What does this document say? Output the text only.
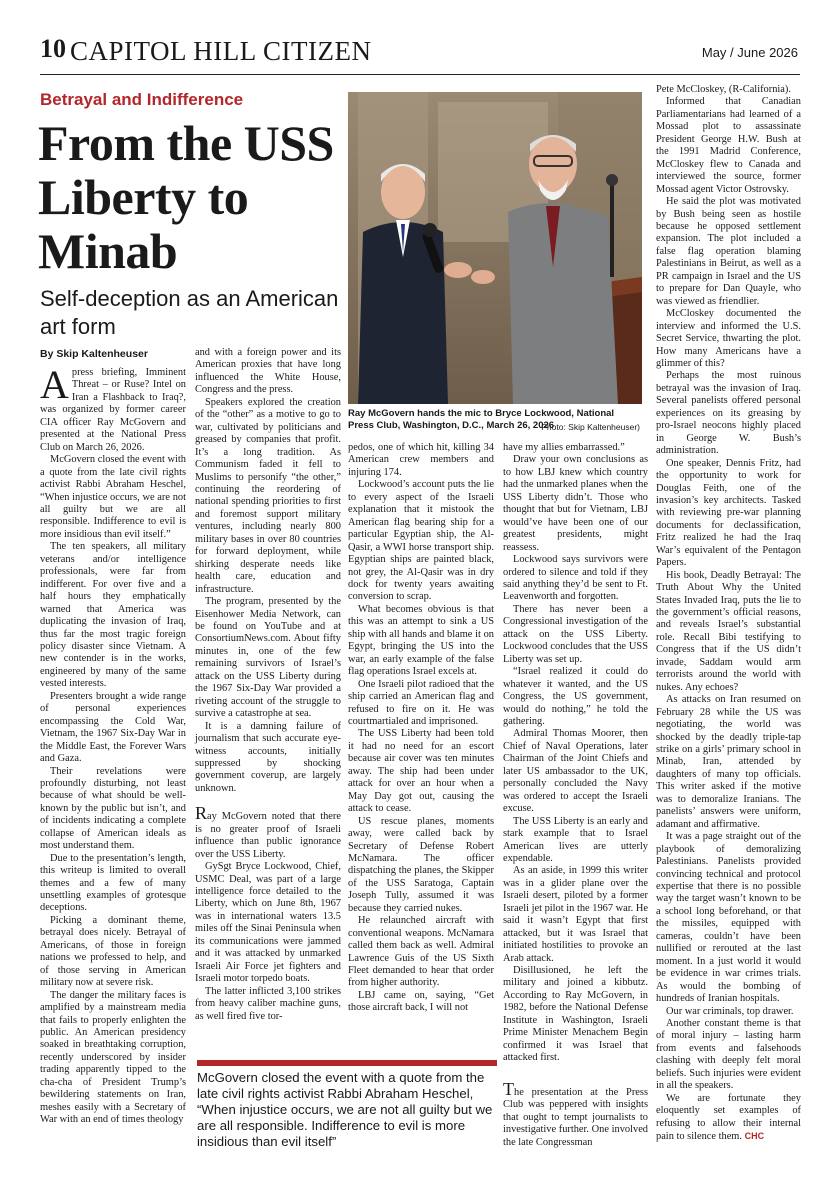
10 CAPITOL HILL CITIZEN	May / June 2026
Betrayal and Indifference
From the USS Liberty to Minab
Self-deception as an American art form
By Skip Kaltenheuser
Ray McGovern hands the mic to Bryce Lockwood, National Press Club, Washington, D.C., March 26, 2026
Photo: Skip Kaltenheuser)

Apress briefing, Imminent Threat – or Ruse? Intel on Iran a Flashback to Iraq?, was organized by former career CIA officer Ray McGovern and presented at the National Press Club on March 26, 2026.

McGovern closed the event with a quote from the late civil rights activist Rabbi Abraham Heschel, “When injustice occurs, we are not all guilty but we are all responsible. Indifference to evil is more insidious than evil itself.”

The ten speakers, all military veterans and/or intelligence professionals, were far from indifferent. For over five and a half hours they emphatically warned that America was duplicating the invasion of Iraq, thus far the most tragic foreign policy disaster since Vietnam. A new contender is in the works, engineered by many of the same vested interests.

Presenters brought a wide range of personal experiences encompassing the Cold War, Vietnam, the 1967 Six-Day War in the Middle East, the Forever Wars and Gaza.

Their revelations were profoundly disturbing, not least because of what should be well-known by the public but isn’t, and of incidents indicating a complete collapse of American ideals as most understand them.

Due to the presentation’s length, this writeup is limited to overall themes and a few of many unsettling examples of grotesque deceptions.

Picking a dominant theme, betrayal does nicely. Betrayal of Americans, of those in foreign nations we professed to help, and of those serving in American military now at severe risk.

The danger the military faces is amplified by a mainstream media that fails to properly enlighten the public. An American presidency soaked in breathtaking corruption, recently underscored by insider trading apparently tipped to the cha-cha of President Trump’s bewildering statements on Iran, meshes easily with a Secretary of War with an end of times theology

and with a foreign power and its American proxies that have long influenced the White House, Congress and the press.

Speakers explored the creation of the “other” as a motive to go to war, cultivated by politicians and greased by companies that profit. It’s a long tradition. As Communism faded it fell to Muslims to personify “the other,” continuing the reordering of national spending priorities to first and foremost support military ventures, including nearly 800 military bases in over 80 countries for forward deployment, while shirking desperate needs like health care, education and infrastructure.

The program, presented by the Eisenhower Media Network, can be found on YouTube and at ConsortiumNews.com. About fifty minutes in, one of the few remaining survivors of Israel’s attack on the USS Liberty during the 1967 Six-Day War provided a riveting account of the struggle to survive a catastrophe at sea.

It is a damning failure of journalism that such accurate eye-witness accounts, initially suppressed by shocking government coverup, are largely unknown.

Ray McGovern noted that there is no greater proof of Israeli influence than public ignorance over the USS Liberty.

GySgt Bryce Lockwood, Chief, USMC Deal, was part of a large intelligence force detailed to the Liberty, which on June 8th, 1967 was in international waters 13.5 miles off the Sinai Peninsula when its communications were jammed and it was attacked by unmarked Israeli Air Force jet fighters and Israeli motor torpedo boats.

The latter inflicted 3,100 strikes from heavy caliber machine guns, as well fired five tor-

pedos, one of which hit, killing 34 American crew members and injuring 174.

Lockwood’s account puts the lie to every aspect of the Israeli explanation that it mistook the American flag bearing ship for a particular Egyptian ship, the Al-Qasir, a WWI horse transport ship. Egyptian ships are painted black, not grey, the Al-Qasir was in dry dock for twenty years awaiting conversion to scrap.

What becomes obvious is that this was an attempt to sink a US ship with all hands and blame it on Egypt, bringing the US into the war, an early example of the false flag operations Israel excels at.

One Israeli pilot radioed that the ship carried an American flag and refused to fire on it. He was courtmartialed and imprisoned.

The USS Liberty had been told it had no need for an escort because air cover was ten minutes away. The ship had been under attack for over an hour when a May Day got out, causing the attack to cease.

US rescue planes, moments away, were called back by Secretary of Defense Robert McNamara. The officer dispatching the planes, the Skipper of the USS Saratoga, Captain Joseph Tully, assumed it was because they carried nukes.

He relaunched aircraft with conventional weapons. McNamara called them back as well. Admiral Lawrence Guis of the US Sixth Fleet demanded to hear that order from higher authority.

LBJ came on, saying, “Get those aircraft back, I will not

have my allies embarrassed.”

Draw your own conclusions as to how LBJ knew which country had the unmarked planes when the USS Liberty didn’t. Those who thought that but for Vietnam, LBJ would’ve have been one of our greatest presidents, might reassess.

Lockwood says survivors were ordered to silence and told if they said anything they’d be sent to Ft. Leavenworth and forgotten.

There has never been a Congressional investigation of the attack on the USS Liberty. Lockwood concludes that the USS Liberty was set up.

“Israel realized it could do whatever it wanted, and the US Congress, the US government, would do nothing,” he told the gathering.

Admiral Thomas Moorer, then Chief of Naval Operations, later Chairman of the Joint Chiefs and later US ambassador to the UK, personally concluded the Navy was ordered to accept the Israeli excuse.

The USS Liberty is an early and stark example that to Israel American lives are utterly expendable.

As an aside, in 1999 this writer was in a glider plane over the Israeli desert, piloted by a former Israeli jet pilot in the 1967 war. He said it wasn’t Egypt that first attacked, but it was Israel that initiated hostilities to provoke an Arab attack.

Disillusioned, he left the military and joined a kibbutz. According to Ray McGovern, in 1982, before the National Defense Institute in Washington, Israeli Prime Minister Menachem Begin confirmed it was Israel that attacked first.

McGovern closed the event with a quote from the late civil rights activist Rabbi Abraham Heschel, “When injustice occurs, we are not all guilty but we are all responsible. Indifference to evil is more insidious than evil itself”

The presentation at the Press Club was peppered with insights that ought to tempt journalists to investigative further. One involved the late Congressman

Pete McCloskey, (R-California).

Informed that Canadian Parliamentarians had learned of a Mossad plot to assassinate President George H.W. Bush at the 1991 Madrid Conference, McCloskey flew to Canada and interviewed the source, former Mossad agent Victor Ostrovsky.

He said the plot was motivated by Bush being seen as hostile because he opposed settlement expansion. The plot included a false flag operation blaming Palestinians in Beirut, as well as a PR campaign in Israel and the US to prepare for Dan Quayle, who was viewed as friendlier.

McCloskey documented the interview and informed the U.S. Secret Service, thwarting the plot. How many Americans have a glimmer of this?

Perhaps the most ruinous betrayal was the invasion of Iraq. Several panelists offered personal experiences on its greasing by pro-Israel neocons highly placed in George W. Bush’s administration.

One speaker, Dennis Fritz, had the opportunity to work for Douglas Feith, one of the invasion’s key architects. Tasked with reviewing pre-war planning documents for declassification, Fritz realized he had the Iraq War’s equivalent of the Pentagon Papers.

His book, Deadly Betrayal: The Truth About Why the United States Invaded Iraq, puts the lie to the government’s official reasons, and reveals Israel’s substantial role. Recall Bibi testifying to Congress that if the US didn’t invade, Saddam would arm terrorists around the world with nukes. Any echoes?

As attacks on Iran resumed on February 28 while the US was negotiating, the world was shocked by the deadly triple-tap strike on a girls’ primary school in Minab, Iran, attended by daughters of many top officials. This writer asked if the motive was to demoralize Iranians. The panelists’ answers were uniform, adamant and affirmative.

It was a page straight out of the playbook of demoralizing Palestinians. Panelists provided convincing technical and protocol expertise that there is no possible way the target wasn’t known to be a school long beforehand, or that the missiles, equipped with cameras, couldn’t have been nullified or rerouted at the last moment. In a just world it would be evidence in war crimes trials. As would the bombing of hundreds of Iranian hospitals.

Our war criminals, top drawer.

Another constant theme is that of moral injury – lasting harm from events and falsehoods clashing with deeply felt moral beliefs. Such injuries were evident in all the speakers.

We are fortunate they eloquently set examples of refusing to allow their internal pain to silence them. CHC
